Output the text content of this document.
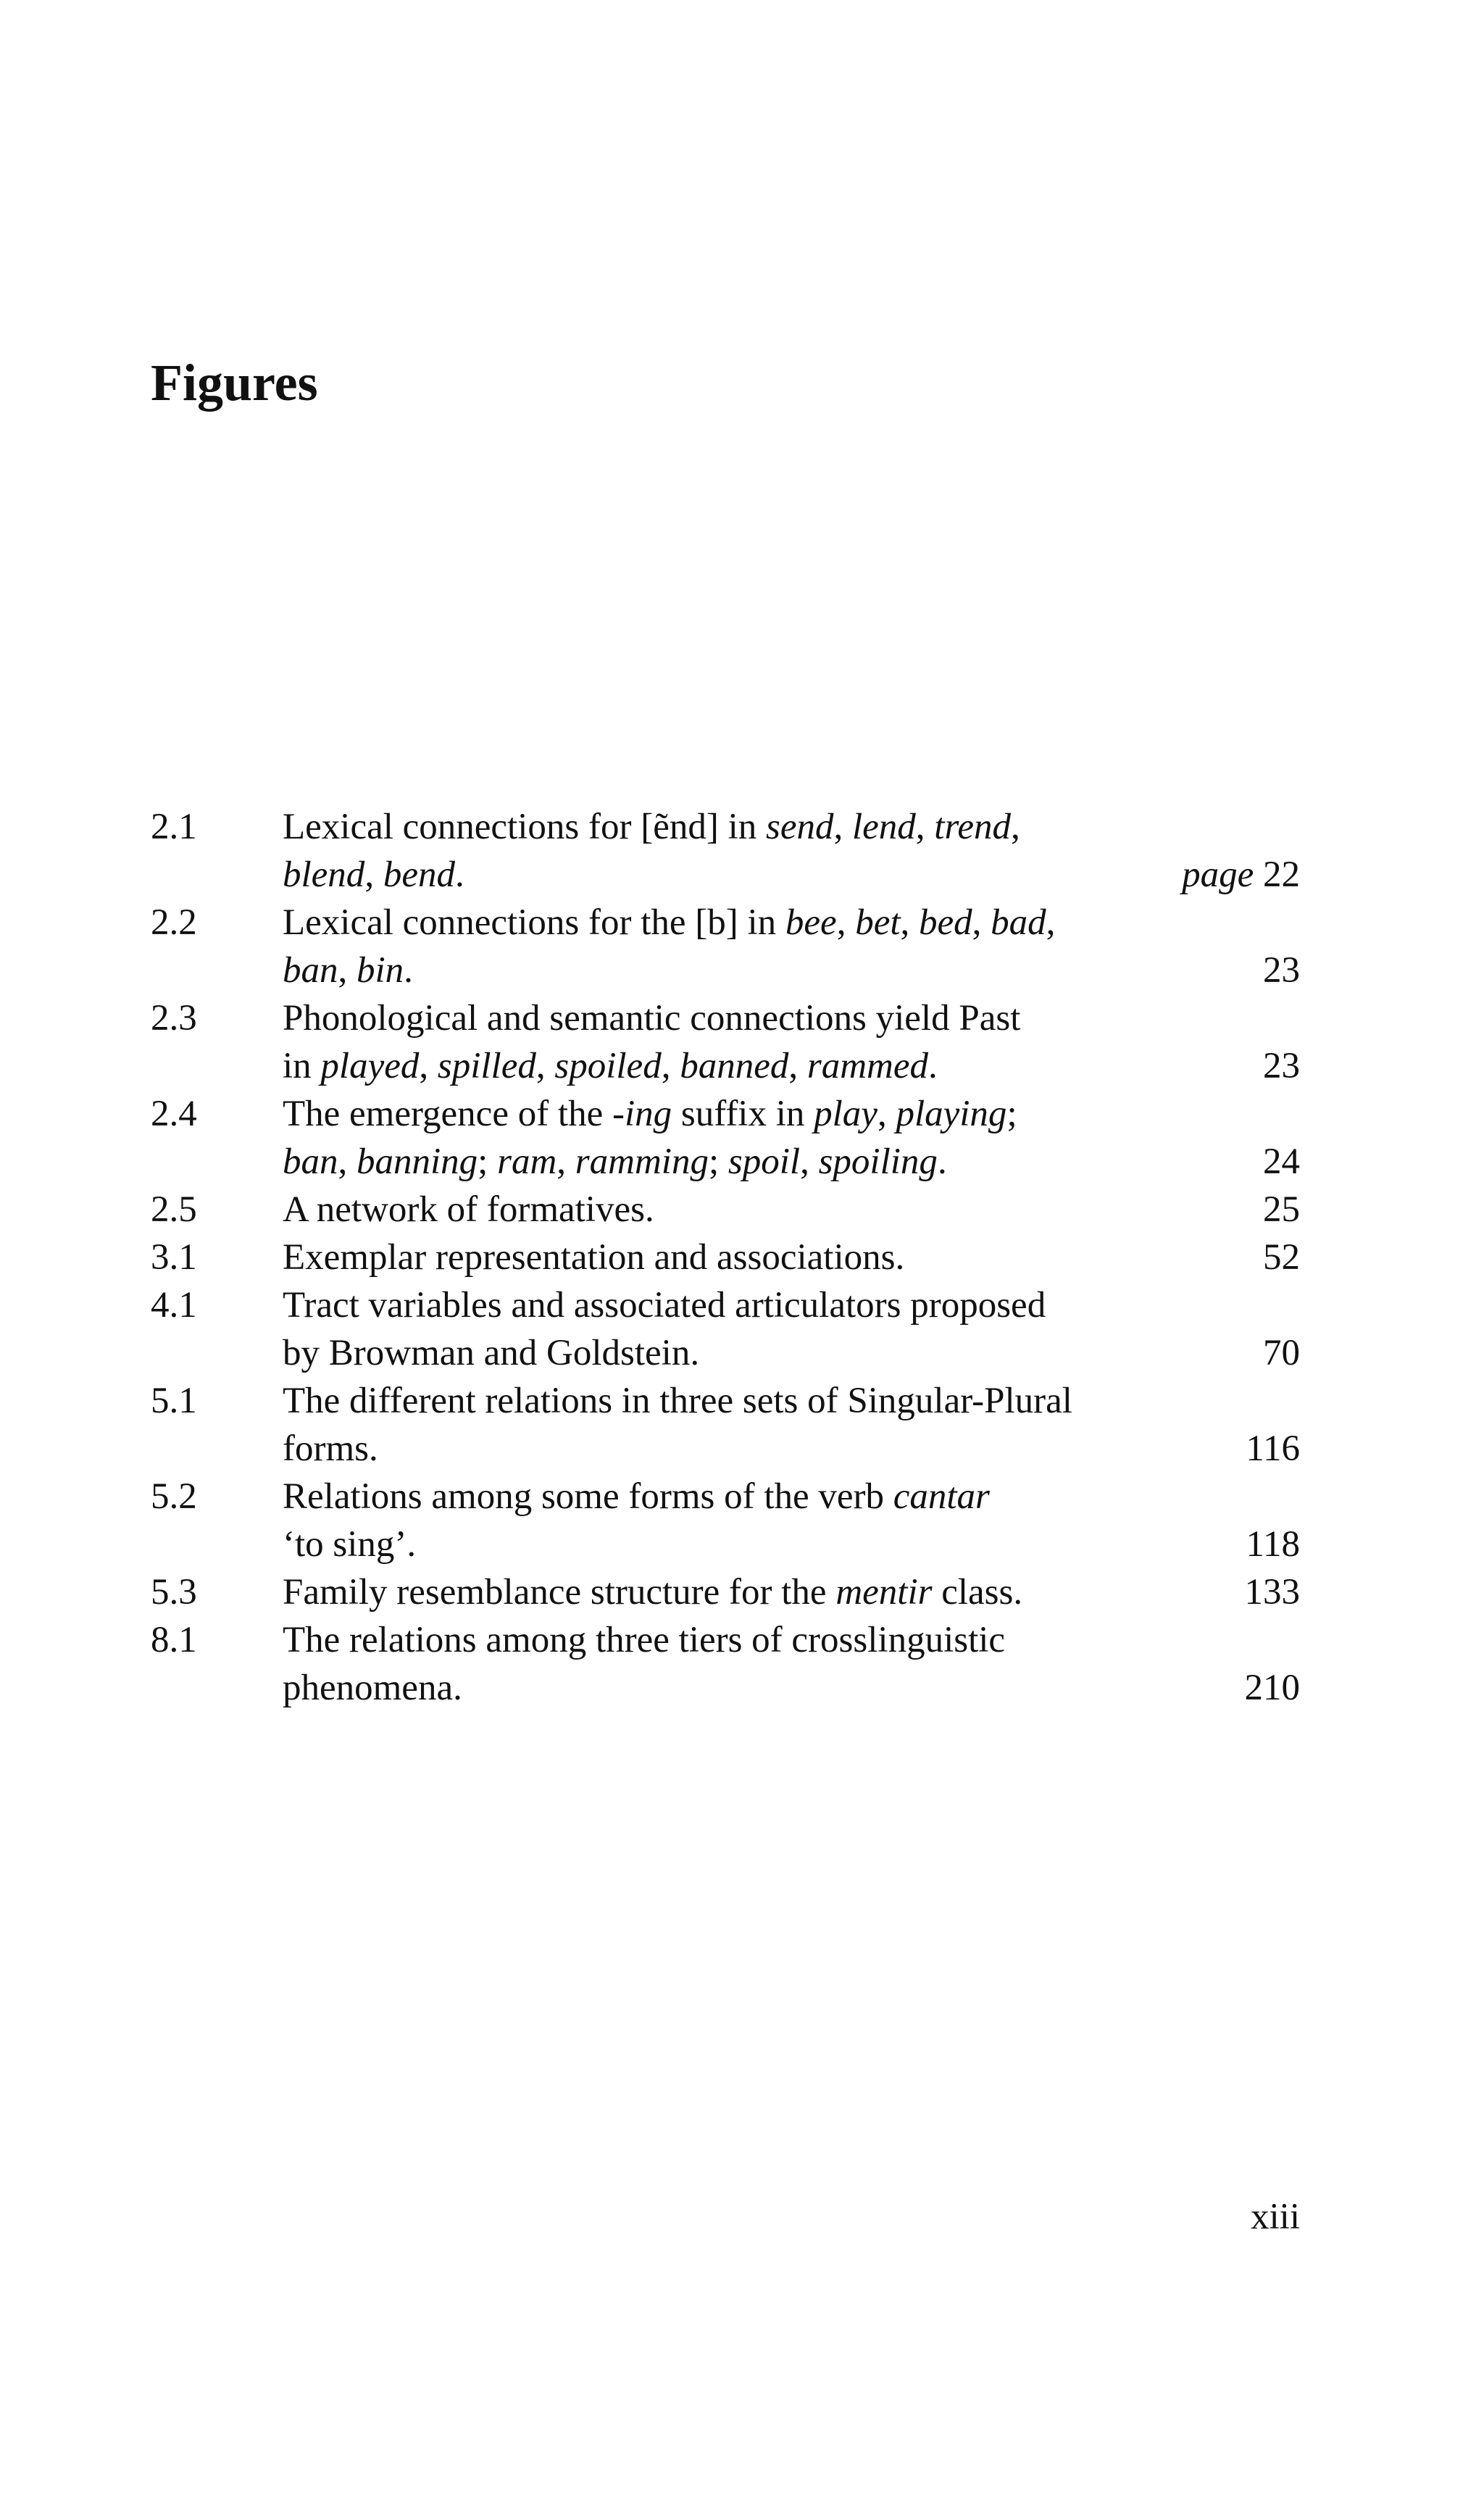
Figures
2.1 Lexical connections for [ẽnd] in send, lend, trend,
blend, bend.	page 22
2.2 Lexical connections for the [b] in bee, bet, bed, bad,
ban, bin.	23
2.3 Phonological and semantic connections yield Past
in played, spilled, spoiled, banned, rammed.	23
2.4 The emergence of the -ing suffix in play, playing;
ban, banning; ram, ramming; spoil, spoiling.	24
2.5 A network of formatives.	25
3.1 Exemplar representation and associations.	52
4.1 Tract variables and associated articulators proposed
by Browman and Goldstein.	70
5.1 The different relations in three sets of Singular-Plural
forms.	116
5.2 Relations among some forms of the verb cantar
‘to sing’.	118
5.3 Family resemblance structure for the mentir class.	133
8.1 The relations among three tiers of crosslinguistic
phenomena.	210
xiii
